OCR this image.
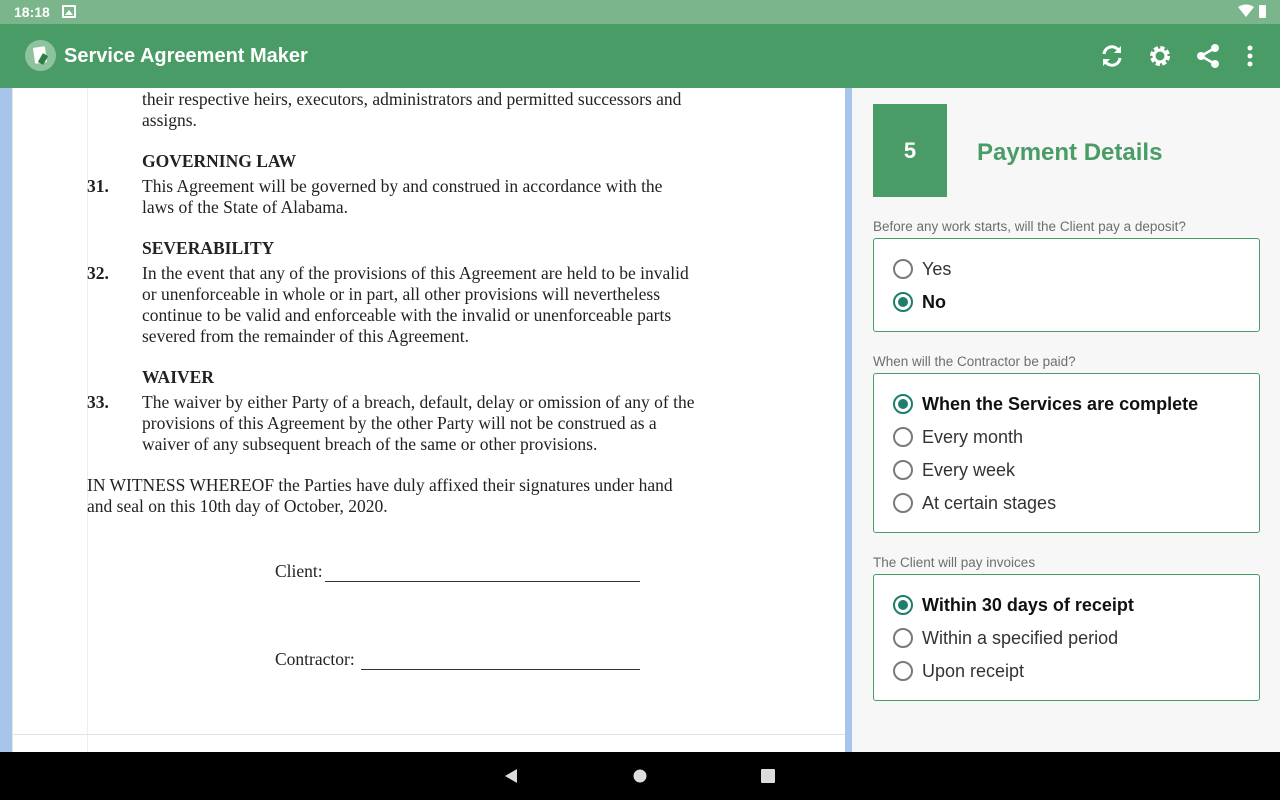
18:18
Service Agreement Maker
their respective heirs, executors, administrators and permitted successors and
assigns.
GOVERNING LAW
31. This Agreement will be governed by and construed in accordance with the
laws of the State of Alabama.
SEVERABILITY
32. In the event that any of the provisions of this Agreement are held to be invalid
or unenforceable in whole or in part, all other provisions will nevertheless
continue to be valid and enforceable with the invalid or unenforceable parts
severed from the remainder of this Agreement.
WAIVER
33. The waiver by either Party of a breach, default, delay or omission of any of the
provisions of this Agreement by the other Party will not be construed as a
waiver of any subsequent breach of the same or other provisions.
IN WITNESS WHEREOF the Parties have duly affixed their signatures under hand
and seal on this 10th day of October, 2020.
Client:
Contractor:
5	Payment Details
Before any work starts, will the Client pay a deposit?
Yes
No
When will the Contractor be paid?
When the Services are complete
Every month
Every week
At certain stages
The Client will pay invoices
Within 30 days of receipt
Within a specified period
Upon receipt
